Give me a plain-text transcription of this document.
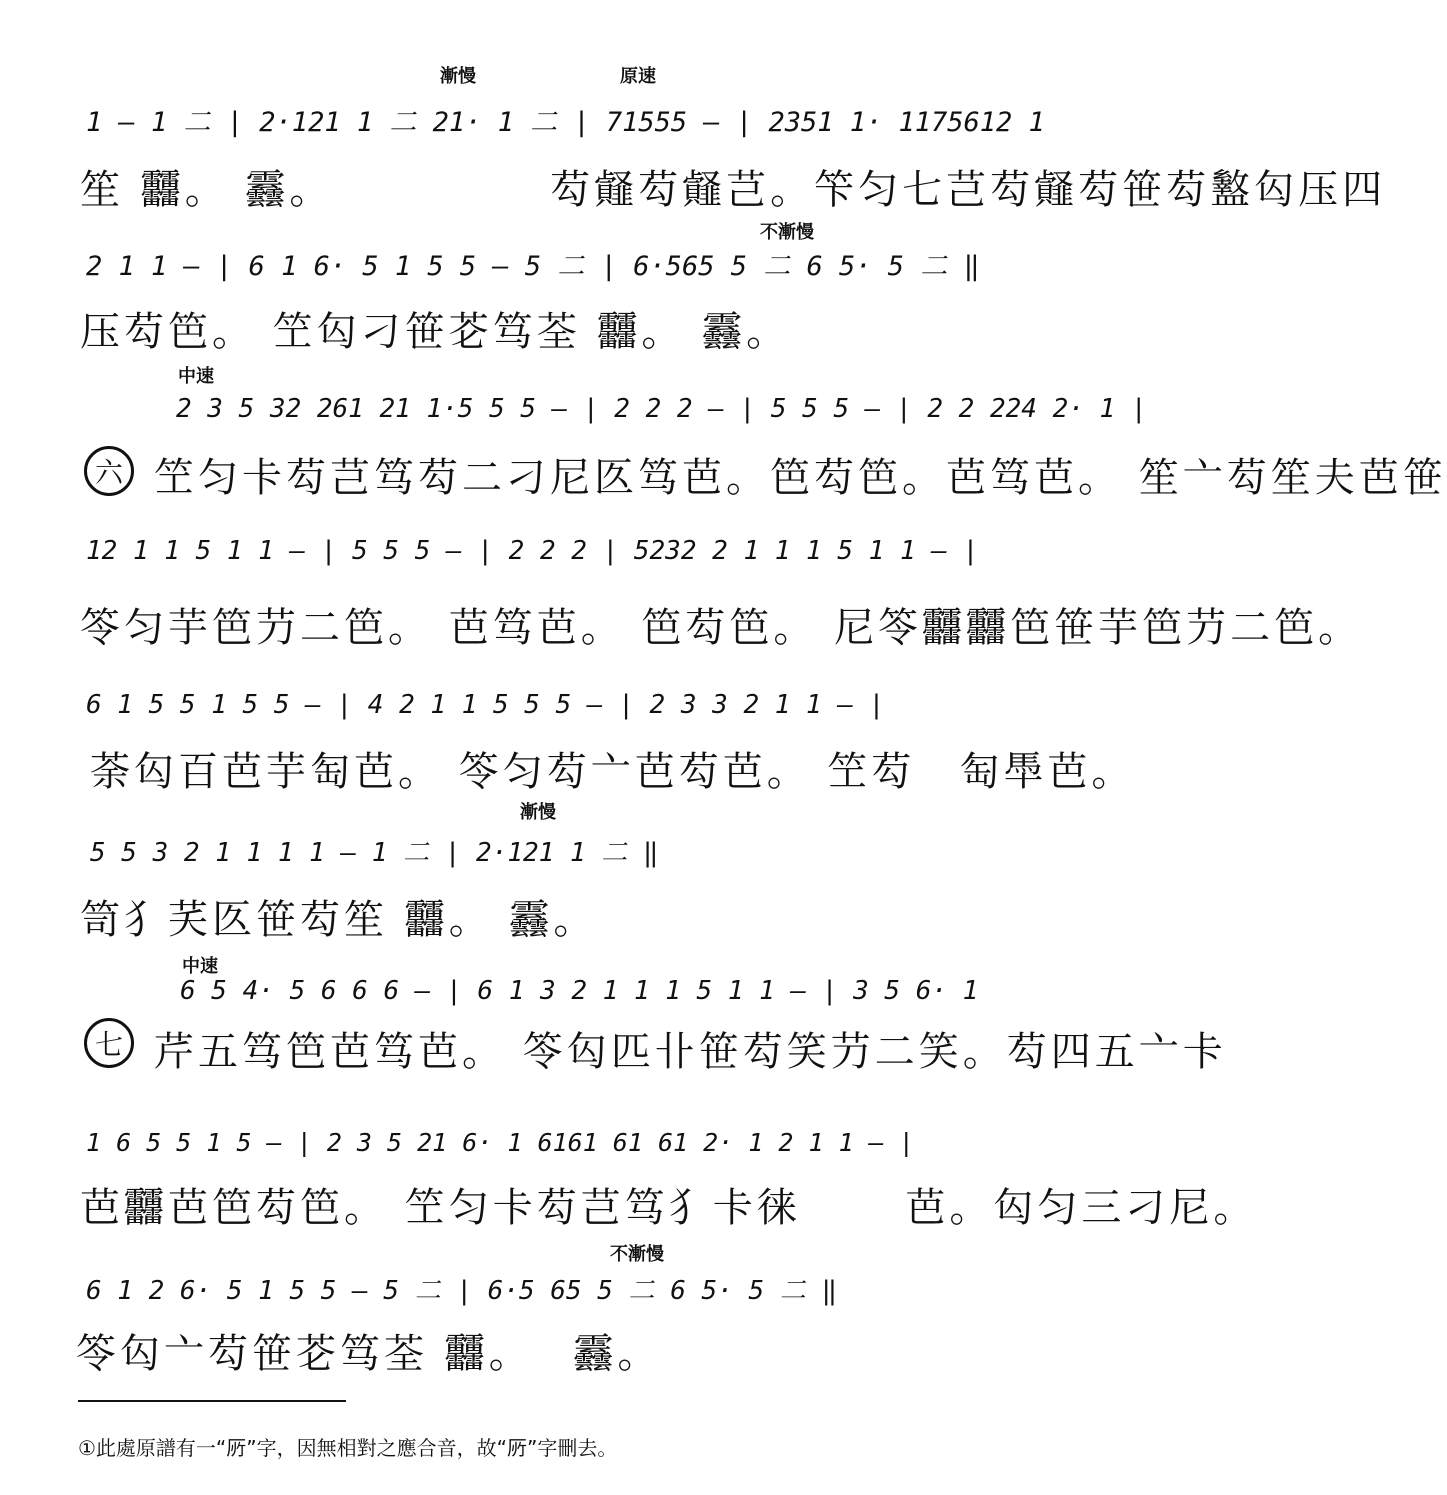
漸慢	原速
不漸慢
中速
漸慢
中速
不漸慢
六
七
1 — 1 ⼆ | 2·121 1 ⼆ 21· 1 ⼆ | 71555 — | 2351 1· 1175612 1
笙 䨻。 䨺。　　　　　 芶䪥芶䪥芑。笇匀七芑芶䪥芶笹芶盭匃压四
2 1 1 — | 6 1 6· 5 1 5 5 — 5 ⼆ | 6·565 5 ⼆ 6 5· 5 ⼆ ‖
压芶笆。 笁匃刁笹芲笃荃 䨻。 䨺。
2 3 5 32 261 21 1·5 5 5 — | 2 2 2 — | 5 5 5 — | 2 2 224 2· 1 |
笁匀卡芶芑笃芶二刁尼匛笃芭。笆芶笆。芭笃芭。 笙亠芶笙夫芭笹
12 1 1 5 1 1 — | 5 5 5 — | 2 2 2 | 5232 2 1 1 1 5 1 1 — |
笭匀芋笆芀二笆。 芭笃芭。 笆芶笆。 尼笭䨻䨻笆笹芋笆芀二笆。
6 1 5 5 1 5 5 — | 4 2 1 1 5 5 5 — | 2 3 3 2 1 1 — |
荼匃百芭芋匋芭。 笭匀芶亠芭芶芭。 笁芶　匋䭴芭。
5 5 3 2 1 1 1 1 — 1 ⼆ | 2·121 1 ⼆ ‖
笥犭芺匛笹芶笙 䨻。 䨺。
6 5 4· 5 6 6 6 — | 6 1 3 2 1 1 1 5 1 1 — | 3 5 6· 1
芹五笃笆芭笃芭。 笭匃匹卝笹芶笑芀二笑。芶四五亠卡
1 6 5 5 1 5 — | 2 3 5 21 6· 1 6161 61 61 2· 1 2 1 1 — |
芭䨻芭笆芶笆。 笁匀卡芶芑笃犭卡徕　　 芭。匃匀三刁尼。
6 1 2 6· 5 1 5 5 — 5 ⼆ | 6·5 65 5 ⼆ 6 5· 5 ⼆ ‖
笭匃亠芶笹芲笃荃 䨻。　 䨺。
①此處原譜有一“𠩄”字，因無相對之應合音，故“𠩄”字刪去。
